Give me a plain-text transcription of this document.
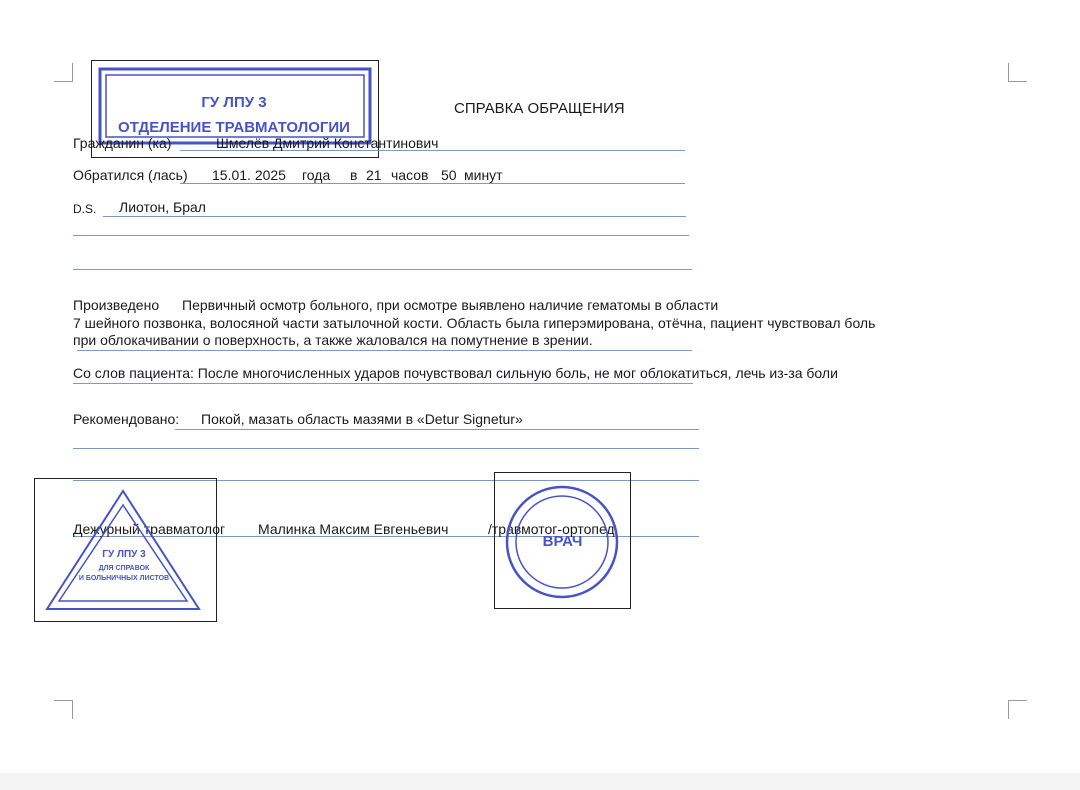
СПРАВКА ОБРАЩЕНИЯ
ГУ ЛПУ 3
ОТДЕЛЕНИЕ ТРАВМАТОЛОГИИ
Гражданин (ка)	Шмелёв Дмитрий Константинович
Обратился (лась) 15.01. 2025 года в 21 часов 50 минут
D.S. Лиотон, Брал
Произведено Первичный осмотр больного, при осмотре выявлено наличие гематомы в области
7 шейного позвонка, волосяной части затылочной кости. Область была гиперэмирована, отёчна, пациент чувствовал боль
при облокачивании о поверхность, а также жаловался на помутнение в зрении.
Со слов пациента: После многочисленных ударов почувствовал сильную боль, не мог облокатиться, лечь из-за боли
Рекомендовано: Покой, мазать область мазями в «Detur Signetur»
Дежурный травматолог Малинка Максим Евгеньевич	/травмотог-ортопед
ГУ ЛПУ 3
ДЛЯ СПРАВОК
И БОЛЬНИЧНЫХ ЛИСТОВ
ВРАЧ
